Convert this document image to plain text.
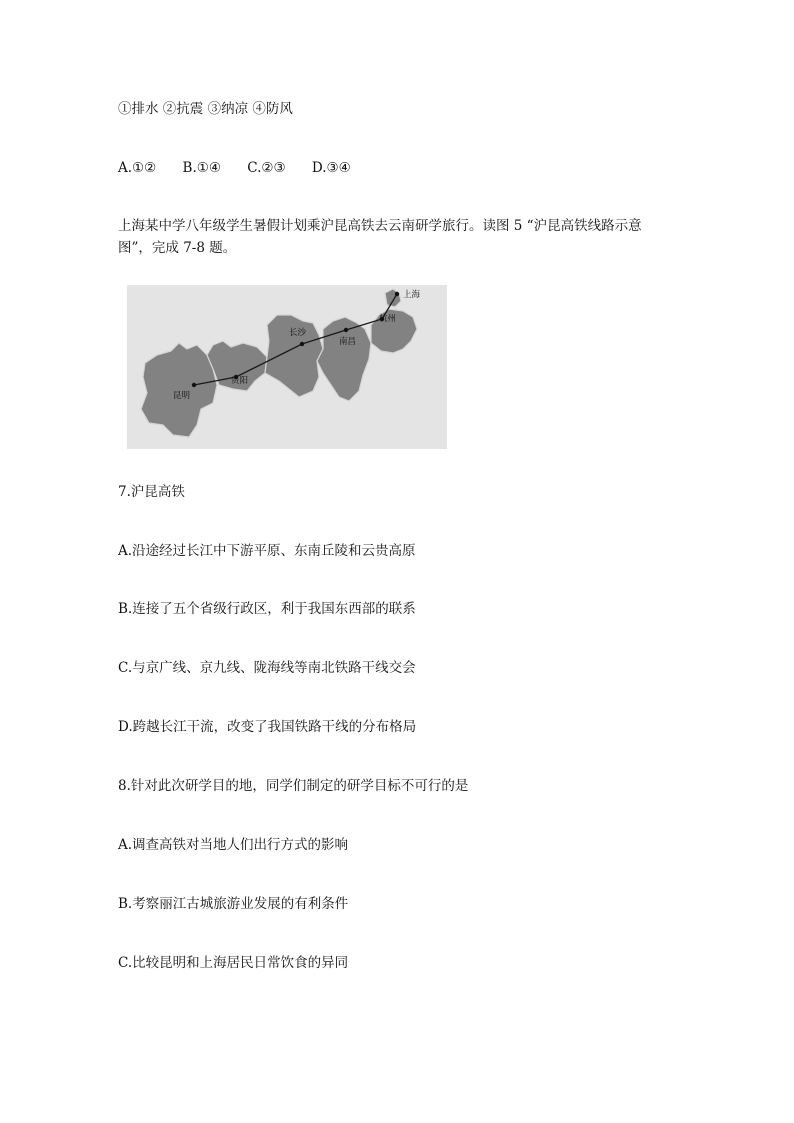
①排水 ②抗震 ③纳凉 ④防风
A.①② B.①④ C.②③ D.③④
上海某中学八年级学生暑假计划乘沪昆高铁去云南研学旅行。读图 5 “沪昆高铁线路示意
图”，完成 7-8 题。
上海
杭州
长沙
南昌
贵阳
昆明
7.沪昆高铁
A.沿途经过长江中下游平原、东南丘陵和云贵高原
B.连接了五个省级行政区，利于我国东西部的联系
C.与京广线、京九线、陇海线等南北铁路干线交会
D.跨越长江干流，改变了我国铁路干线的分布格局
8.针对此次研学目的地，同学们制定的研学目标不可行的是
A.调查高铁对当地人们出行方式的影响
B.考察丽江古城旅游业发展的有利条件
C.比较昆明和上海居民日常饮食的异同
